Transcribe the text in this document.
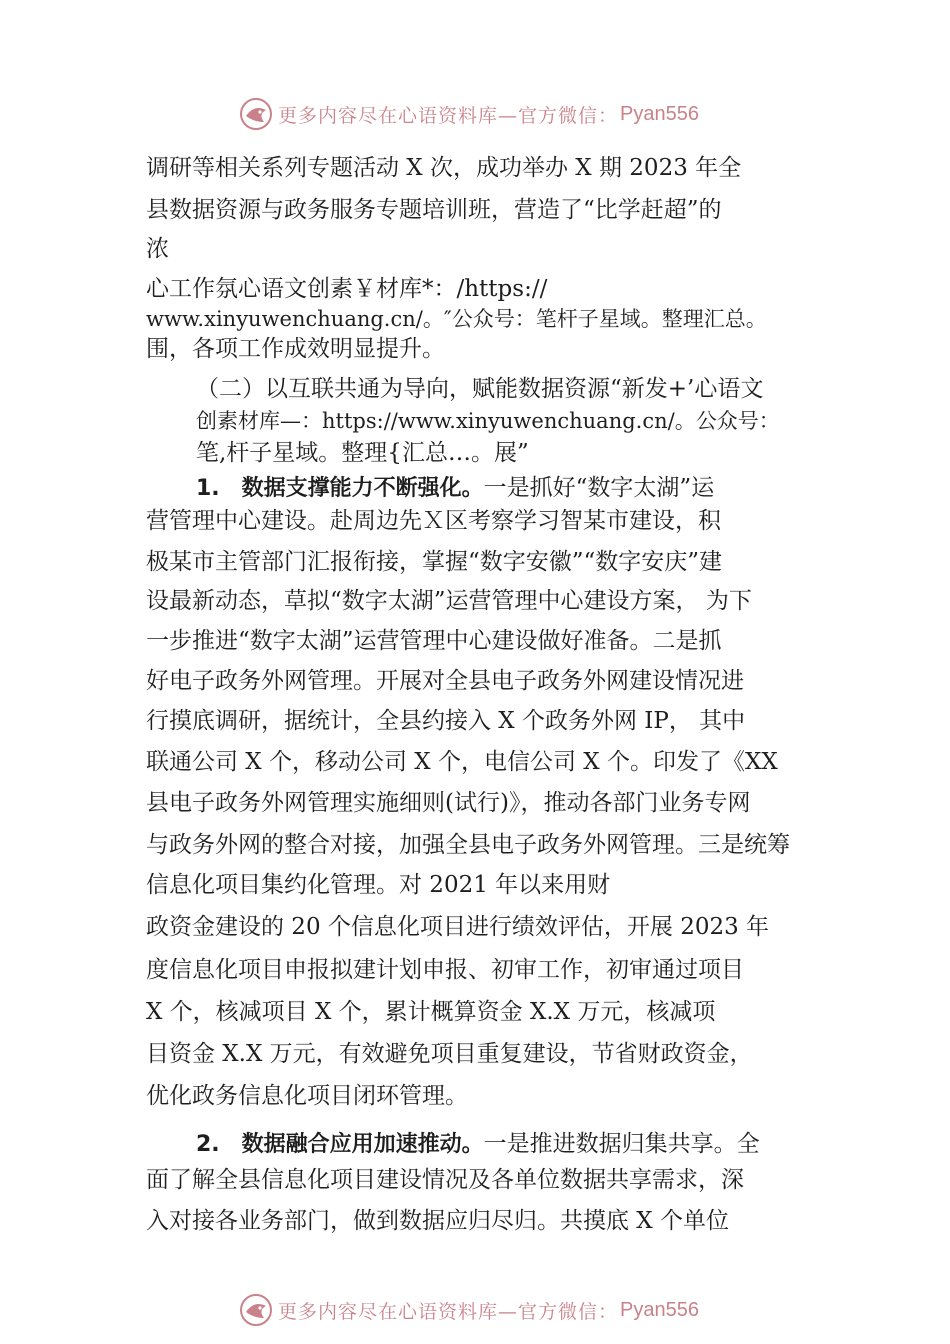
更多内容尽在心语资料库—官方微信： Pyan556
调研等相关系列专题活动 X 次，成功举办 X 期 2023 年全
县数据资源与政务服务专题培训班，营造了“比学赶超”的
浓
⼼工作氛心语文创素￥材库*：/https://
www.xinyuwenchuang.cn/。″公众号：笔杆子星域。整理汇总。
围，各项工作成效明显提升。
（二）以互联共通为导向，赋能数据资源“新发+’心语文
创素材库—：https://www.xinyuwenchuang.cn/。公众号：
笔,杆子星域。整理{汇总…。展”
1.　数据支撑能力不断强化。一是抓好“数字太湖”运
营管理中心建设。赴周边先Ｘ区考察学习智某市建设，积
极某市主管部门汇报衔接，掌握“数字安徽”“数字安庆”建
设最新动态，草拟“数字太湖”运营管理中心建设方案， 为下
一步推进“数字太湖”运营管理中心建设做好准备。二是抓
好电子政务外网管理。开展对全县电子政务外网建设情况进
行摸底调研，据统计，全县约接入 X 个政务外网 IP， 其中
联通公司 X 个，移动公司 X 个，电信公司 X 个。印发了《XX
县电子政务外网管理实施细则(试行)》，推动各部门业务专网
与政务外网的整合对接，加强全县电子政务外网管理。三是统筹
信息化项目集约化管理。对 2021 年以来用财
政资金建设的 20 个信息化项目进行绩效评估，开展 2023 年
度信息化项目申报拟建计划申报、初审工作，初审通过项目
X 个，核减项目 X 个，累计概算资金 X.X 万元，核减项
目资金 X.X 万元，有效避免项目重复建设，节省财政资金，
优化政务信息化项目闭环管理。
2.　数据融合应用加速推动。一是推进数据归集共享。全
面了解全县信息化项目建设情况及各单位数据共享需求，深
入对接各业务部门，做到数据应归尽归。共摸底 X 个单位
更多内容尽在心语资料库—官方微信： Pyan556
